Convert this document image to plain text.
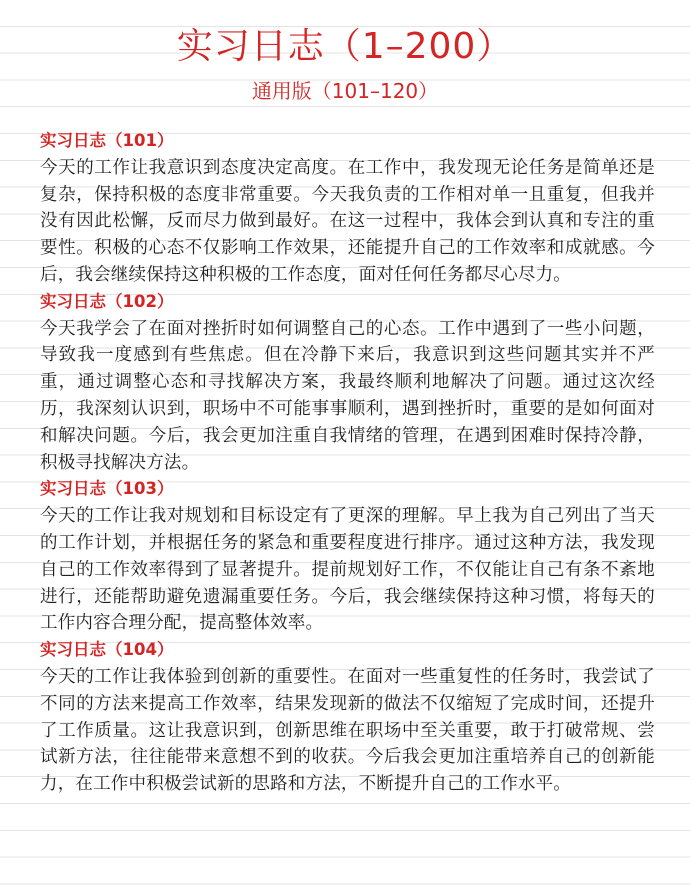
实习日志（1–200）
通用版（101–120）
实习日志（101）
今天的工作让我意识到态度决定高度。在工作中，我发现无论任务是简单还是复杂，保持积极的态度非常重要。今天我负责的工作相对单一且重复，但我并没有因此松懈，反而尽力做到最好。在这一过程中，我体会到认真和专注的重要性。积极的心态不仅影响工作效果，还能提升自己的工作效率和成就感。今后，我会继续保持这种积极的工作态度，面对任何任务都尽心尽力。
实习日志（102）
今天我学会了在面对挫折时如何调整自己的心态。工作中遇到了一些小问题，导致我一度感到有些焦虑。但在冷静下来后，我意识到这些问题其实并不严重，通过调整心态和寻找解决方案，我最终顺利地解决了问题。通过这次经历，我深刻认识到，职场中不可能事事顺利，遇到挫折时，重要的是如何面对和解决问题。今后，我会更加注重自我情绪的管理，在遇到困难时保持冷静，积极寻找解决方法。
实习日志（103）
今天的工作让我对规划和目标设定有了更深的理解。早上我为自己列出了当天的工作计划，并根据任务的紧急和重要程度进行排序。通过这种方法，我发现自己的工作效率得到了显著提升。提前规划好工作，不仅能让自己有条不紊地进行，还能帮助避免遗漏重要任务。今后，我会继续保持这种习惯，将每天的工作内容合理分配，提高整体效率。
实习日志（104）
今天的工作让我体验到创新的重要性。在面对一些重复性的任务时，我尝试了不同的方法来提高工作效率，结果发现新的做法不仅缩短了完成时间，还提升了工作质量。这让我意识到，创新思维在职场中至关重要，敢于打破常规、尝试新方法，往往能带来意想不到的收获。今后我会更加注重培养自己的创新能力，在工作中积极尝试新的思路和方法，不断提升自己的工作水平。
